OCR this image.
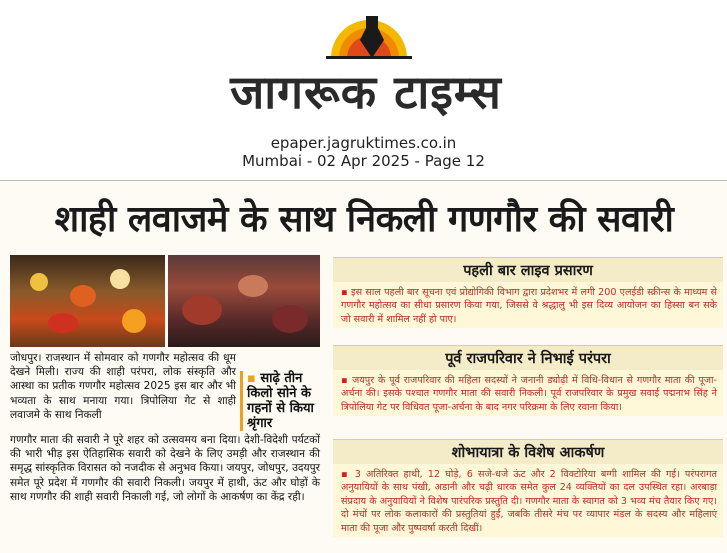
जागरूक टाइम्स
epaper.jagruktimes.co.in
Mumbai - 02 Apr 2025 - Page 12
शाही लवाजमे के साथ निकली गणगौर की सवारी
जोधपुर। राजस्थान में सोमवार को गणगौर महोत्सव की धूम देखने मिली। राज्य की शाही परंपरा, लोक संस्कृति और आस्था का प्रतीक गणगौर महोत्सव 2025 इस बार और भी भव्यता के साथ मनाया गया। त्रिपोलिया गेट से शाही लवाजमे के साथ निकली
▪ साढ़े तीन किलो सोने के गहनों से किया श्रृंगार
गणगौर माता की सवारी ने पूरे शहर को उत्सवमय बना दिया। देशी-विदेशी पर्यटकों की भारी भीड़ इस ऐतिहासिक सवारी को देखने के लिए उमड़ी और राजस्थान की समृद्ध सांस्कृतिक विरासत को नजदीक से अनुभव किया। जयपुर, जोधपुर, उदयपुर समेत पूरे प्रदेश में गणगौर की सवारी निकली। जयपुर में हाथी, ऊंट और घोड़ों के साथ गणगौर की शाही सवारी निकाली गई, जो लोगों के आकर्षण का केंद्र रही।
पहली बार लाइव प्रसारण
▪ इस साल पहली बार सूचना एवं प्रोद्योगिकी विभाग द्वारा प्रदेशभर में लगी 200 एलईडी स्क्रीन्स के माध्यम से गणगौर महोत्सव का सीधा प्रसारण किया गया, जिससे वे श्रद्धालु भी इस दिव्य आयोजन का हिस्सा बन सके जो सवारी में शामिल नहीं हो पाए।
पूर्व राजपरिवार ने निभाई परंपरा
▪ जयपुर के पूर्व राजपरिवार की महिला सदस्यों ने जनानी ड्योढ़ी में विधि-विधान से गणगौर माता की पूजा-अर्चना की। इसके पश्चात गणगौर माता की सवारी निकली। पूर्व राजपरिवार के प्रमुख सवाई पद्मनाभ सिंह ने त्रिपोलिया गेट पर विधिवत पूजा-अर्चना के बाद नगर परिक्रमा के लिए रवाना किया।
शोभायात्रा के विशेष आकर्षण
▪ 3 अतिरिक्त हाथी, 12 घोड़े, 6 सजे-धजे ऊंट और 2 विक्टोरिया बग्गी शामिल की गई। परंपरागत अनुयायियों के साथ पंखी, अडानी और चढ़ी धारक समेत कुल 24 व्यक्तियों का दल उपस्थित रहा। अरबाड़ा संप्रदाय के अनुयायियों ने विशेष पारंपरिक प्रस्तुति दी। गणगौर माता के स्वागत को 3 भव्य मंच तैयार किए गए। दो मंचों पर लोक कलाकारों की प्रस्तुतियां हुईं, जबकि तीसरे मंच पर व्यापार मंडल के सदस्य और महिलाएं माता की पूजा और पुष्पवर्षा करती दिखीं।
